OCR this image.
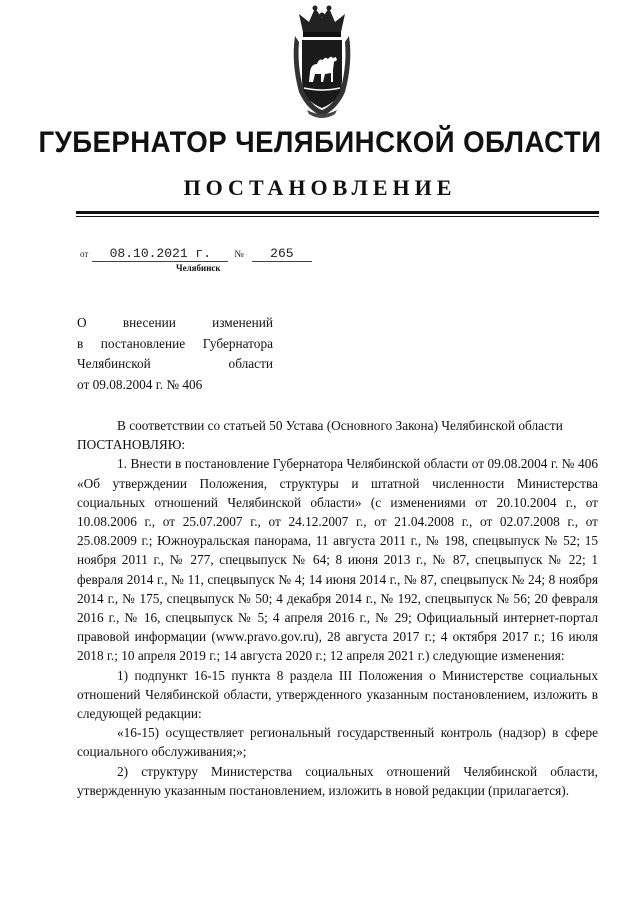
ГУБЕРНАТОР ЧЕЛЯБИНСКОЙ ОБЛАСТИ
ПОСТАНОВЛЕНИЕ
от 08.10.2021 г. № 265
Челябинск
О внесении изменений
в постановление Губернатора
Челябинской области
от 09.08.2004 г. № 406

В соответствии со статьей 50 Устава (Основного Закона) Челябинской области

ПОСТАНОВЛЯЮ:

1. Внести в постановление Губернатора Челябинской области от 09.08.2004 г. № 406 «Об утверждении Положения, структуры и штатной численности Министерства социальных отношений Челябинской области» (с изменениями от 20.10.2004 г., от 10.08.2006 г., от 25.07.2007 г., от 24.12.2007 г., от 21.04.2008 г., от 02.07.2008 г., от 25.08.2009 г.; Южноуральская панорама, 11 августа 2011 г., № 198, спецвыпуск № 52; 15 ноября 2011 г., № 277, спецвыпуск № 64; 8 июня 2013 г., № 87, спецвыпуск № 22; 1 февраля 2014 г., № 11, спецвыпуск № 4; 14 июня 2014 г., № 87, спецвыпуск № 24; 8 ноября 2014 г., № 175, спецвыпуск № 50; 4 декабря 2014 г., № 192, спецвыпуск № 56; 20 февраля 2016 г., № 16, спецвыпуск № 5; 4 апреля 2016 г., № 29; Официальный интернет-портал правовой информации (www.pravo.gov.ru), 28 августа 2017 г.; 4 октября 2017 г.; 16 июля 2018 г.; 10 апреля 2019 г.; 14 августа 2020 г.; 12 апреля 2021 г.) следующие изменения:

1) подпункт 16-15 пункта 8 раздела III Положения о Министерстве социальных отношений Челябинской области, утвержденного указанным постановлением, изложить в следующей редакции:

«16-15) осуществляет региональный государственный контроль (надзор) в сфере социального обслуживания;»;

2) структуру Министерства социальных отношений Челябинской области, утвержденную указанным постановлением, изложить в новой редакции (прилагается).
